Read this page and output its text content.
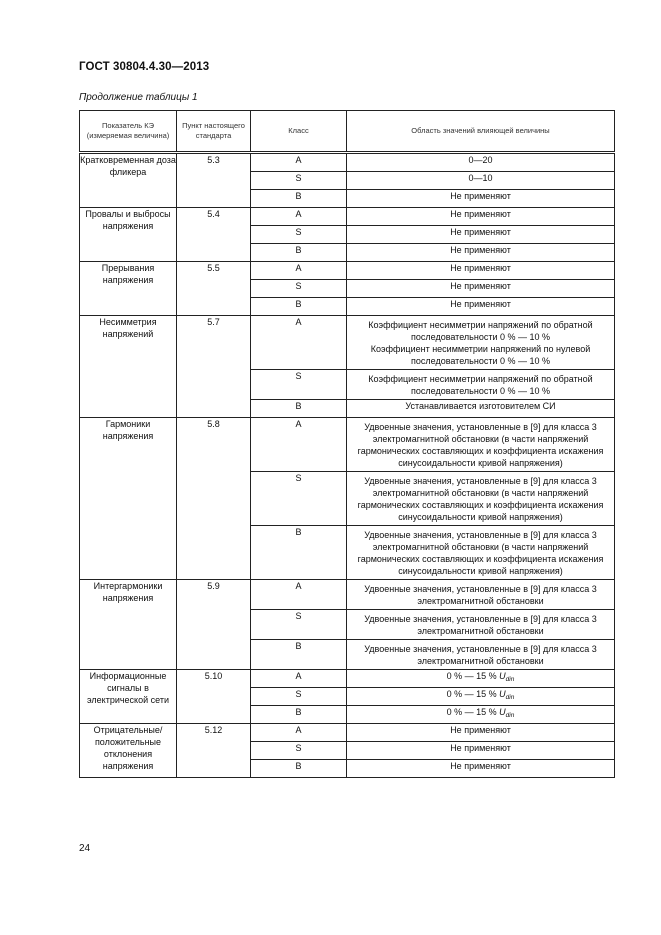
ГОСТ 30804.4.30—2013
Продолжение таблицы 1
Показатель КЭ (измеряемая величина)	Пункт настоящего стандарта	Класс	Область значений влияющей величины
Кратковременная доза фликера	5.3	A	0—20
		S	0—10
		B	Не применяют
Провалы и выбросы напряжения	5.4	A	Не применяют
		S	Не применяют
		B	Не применяют
Прерывания напряжения	5.5	A	Не применяют
		S	Не применяют
		B	Не применяют
Несимметрия напряжений	5.7	A	Коэффициент несимметрии напряжений по обратной последовательности 0 % — 10 %
Коэффициент несимметрии напряжений по нулевой последовательности 0 % — 10 %
		S	Коэффициент несимметрии напряжений по обратной последовательности 0 % — 10 %
		B	Устанавливается изготовителем СИ
Гармоники напряжения	5.8	A	Удвоенные значения, установленные в [9] для класса 3 электромагнитной обстановки (в части напряжений гармонических составляющих и коэффициента искажения синусоидальности кривой напряжения)
		S	Удвоенные значения, установленные в [9] для класса 3 электромагнитной обстановки (в части напряжений гармонических составляющих и коэффициента искажения синусоидальности кривой напряжения)
		B	Удвоенные значения, установленные в [9] для класса 3 электромагнитной обстановки (в части напряжений гармонических составляющих и коэффициента искажения синусоидальности кривой напряжения)
Интергармоники напряжения	5.9	A	Удвоенные значения, установленные в [9] для класса 3 электромагнитной обстановки
		S	Удвоенные значения, установленные в [9] для класса 3 электромагнитной обстановки
		B	Удвоенные значения, установленные в [9] для класса 3 электромагнитной обстановки
Информационные сигналы в электрической сети	5.10	A	0 % — 15 % $U_{din}$
		S	0 % — 15 % $U_{din}$
		B	0 % — 15 % $U_{din}$
Отрицательные/ положительные отклонения напряжения	5.12	A	Не применяют
		S	Не применяют
		B	Не применяют
24
